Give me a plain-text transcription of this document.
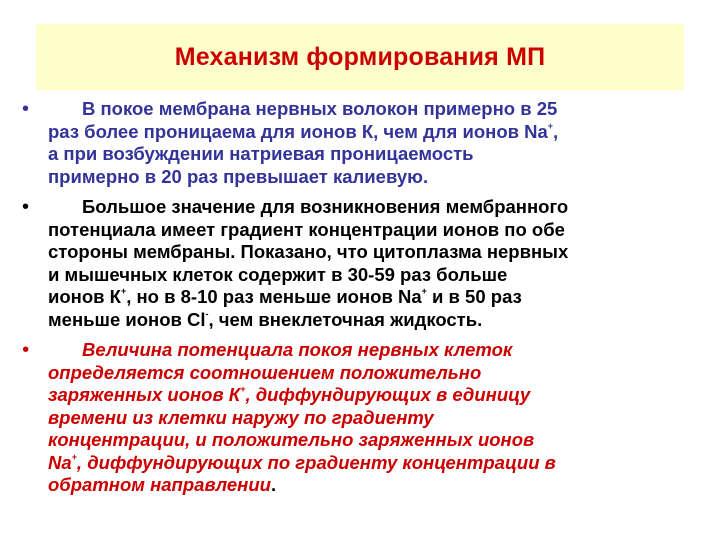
Механизм формирования МП
•	В покое мембрана нервных волокон примерно в 25
раз более проницаема для ионов К, чем для ионов Na+,
а при возбуждении натриевая проницаемость
примерно в 20 раз превышает калиевую.
•	Большое значение для возникновения мембранного
потенциала имеет градиент концентрации ионов по обе
стороны мембраны. Показано, что цитоплазма нервных
и мышечных клеток содержит в 30-59 раз больше
ионов К+, но в 8-10 раз меньше ионов Na+ и в 50 раз
меньше ионов Cl-, чем внеклеточная жидкость.
•	Величина потенциала покоя нервных клеток
определяется соотношением положительно
заряженных ионов К+, диффундирующих в единицу
времени из клетки наружу по градиенту
концентрации, и положительно заряженных ионов
Na+, диффундирующих по градиенту концентрации в
обратном направлении.
